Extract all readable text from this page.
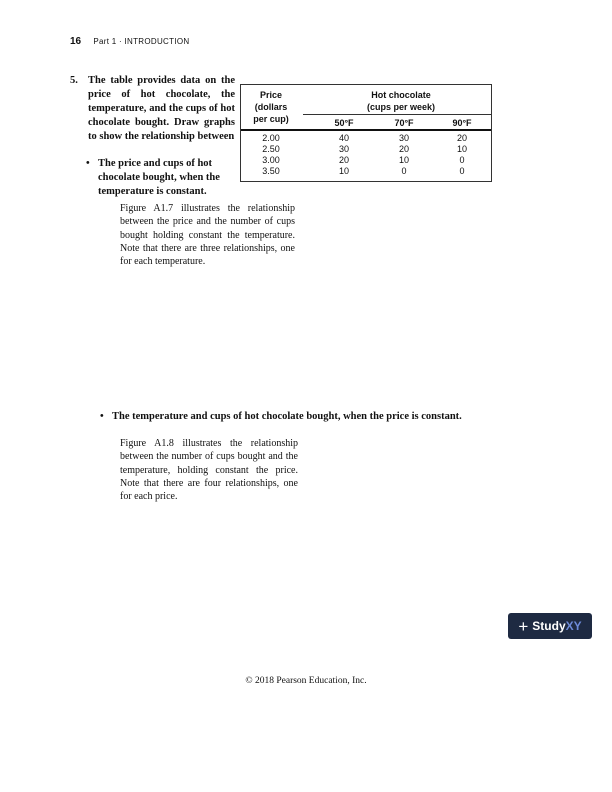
16 Part 1 · INTRODUCTION
5. The table provides data on the price of hot chocolate, the temperature, and the cups of hot chocolate bought. Draw graphs to show the relationship between
Price
(dollars
per cup)
Hot chocolate
(cups per week)
50°F	70°F	90°F
2.00	40	30	20
2.50	30	20	10
3.00	20	10	0
3.50	10	0	0
• The price and cups of hot chocolate bought, when the temperature is constant.
Figure A1.7 illustrates the relationship between the price and the number of cups bought holding constant the temperature. Note that there are three relationships, one for each temperature.
• The temperature and cups of hot chocolate bought, when the price is constant.
Figure A1.8 illustrates the relationship between the number of cups bought and the temperature, holding constant the price. Note that there are four relationships, one for each price.
+ Study XY
© 2018 Pearson Education, Inc.
